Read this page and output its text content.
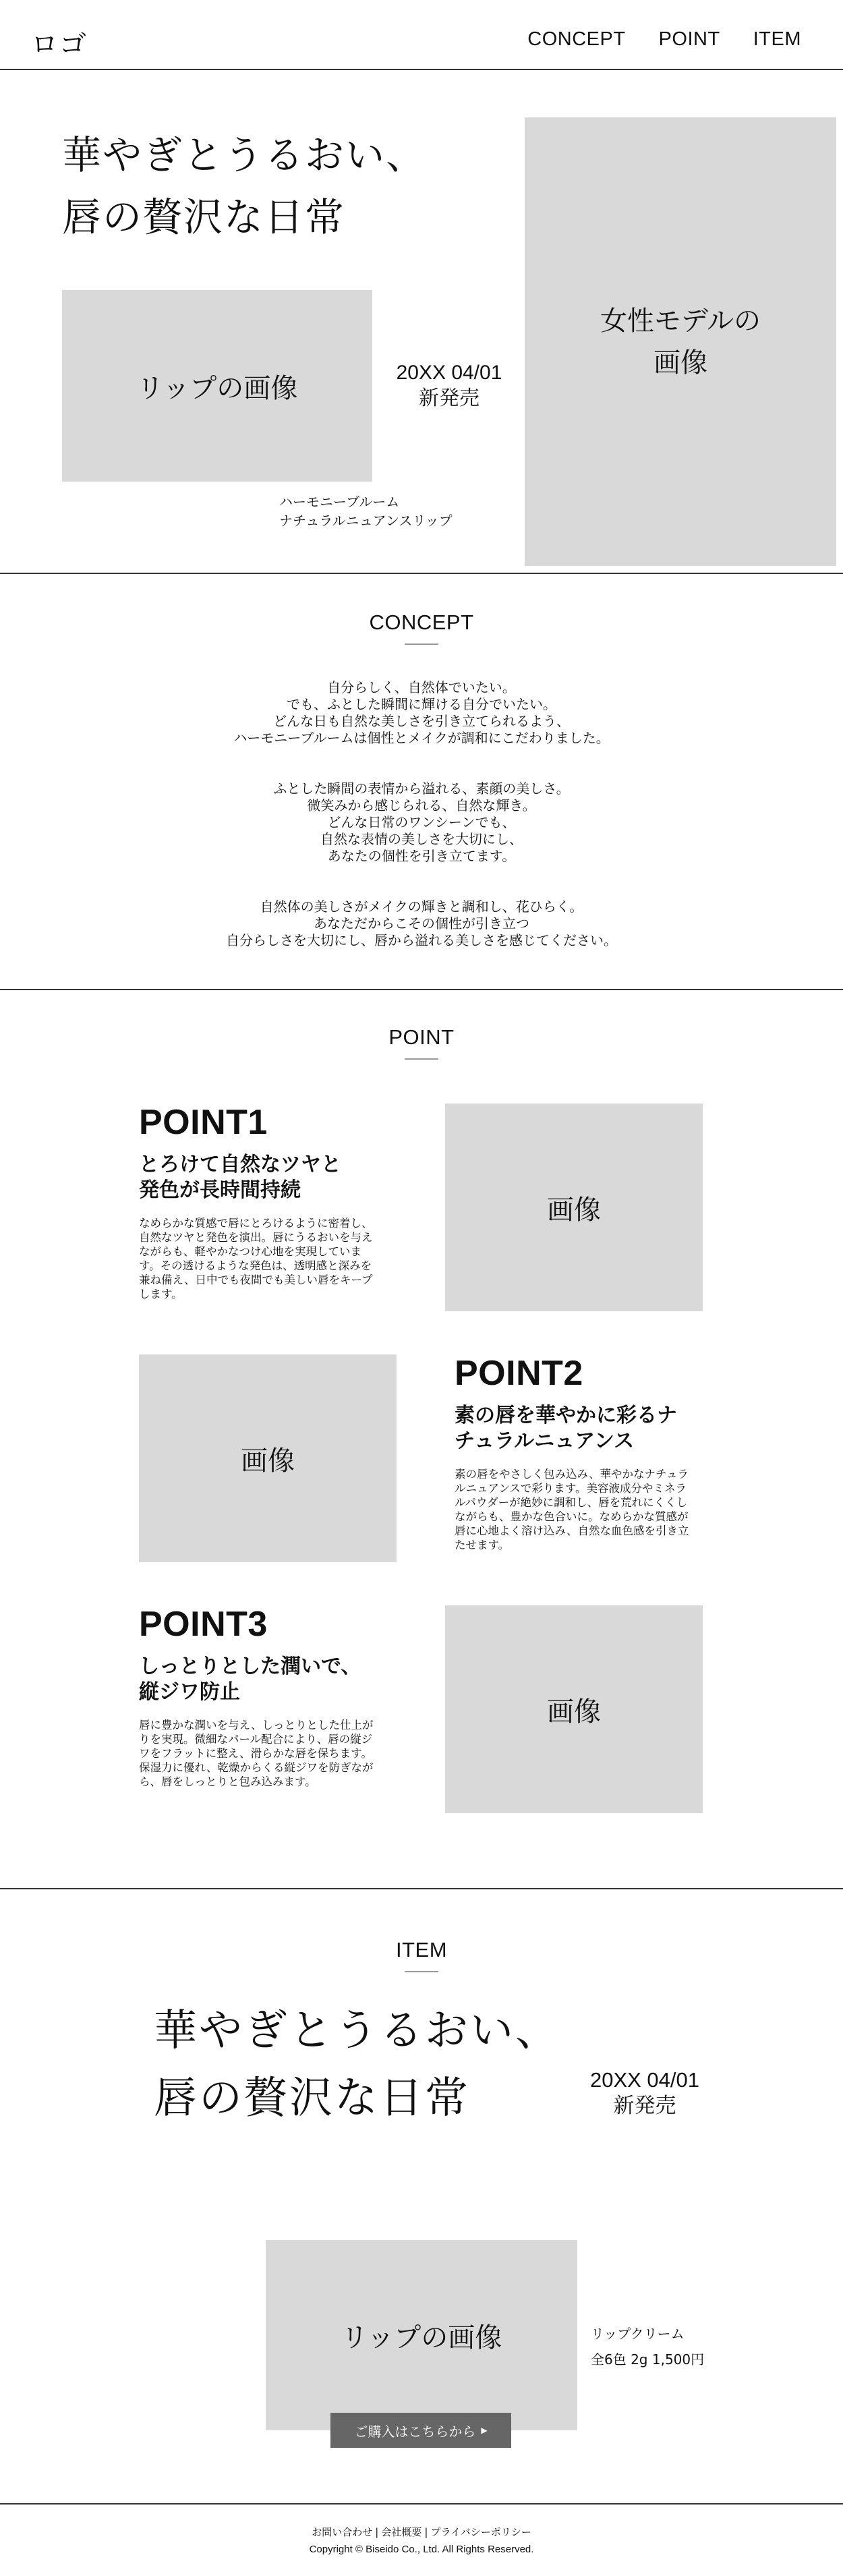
ロゴ	CONCEPT POINT ITEM
華やぎとうるおい、
唇の贅沢な日常
リップの画像	20XX 04/01
新発売
ハーモニーブルーム
ナチュラルニュアンスリップ
女性モデルの
画像
CONCEPT

自分らしく、自然体でいたい。
でも、ふとした瞬間に輝ける自分でいたい。
どんな日も自然な美しさを引き立てられるよう、
ハーモニーブルームは個性とメイクが調和にこだわりました。

ふとした瞬間の表情から溢れる、素顔の美しさ。
微笑みから感じられる、自然な輝き。
どんな日常のワンシーンでも、
自然な表情の美しさを大切にし、
あなたの個性を引き立てます。

自然体の美しさがメイクの輝きと調和し、花ひらく。
あなただからこその個性が引き立つ
自分らしさを大切にし、唇から溢れる美しさを感じてください。

POINT
POINT1
とろけて自然なツヤと
発色が長時間持続
なめらかな質感で唇にとろけるように密着し、
自然なツヤと発色を演出。唇にうるおいを与え
ながらも、軽やかなつけ心地を実現していま
す。その透けるような発色は、透明感と深みを
兼ね備え、日中でも夜間でも美しい唇をキープ
します。
画像
画像
POINT2
素の唇を華やかに彩るナ
チュラルニュアンス
素の唇をやさしく包み込み、華やかなナチュラ
ルニュアンスで彩ります。美容液成分やミネラ
ルパウダーが絶妙に調和し、唇を荒れにくくし
ながらも、豊かな色合いに。なめらかな質感が
唇に心地よく溶け込み、自然な血色感を引き立
たせます。
POINT3
しっとりとした潤いで、
縦ジワ防止
唇に豊かな潤いを与え、しっとりとした仕上が
りを実現。微細なパール配合により、唇の縦ジ
ワをフラットに整え、滑らかな唇を保ちます。
保湿力に優れ、乾燥からくる縦ジワを防ぎなが
ら、唇をしっとりと包み込みます。
画像
ITEM
華やぎとうるおい、
唇の贅沢な日常	20XX 04/01
新発売
リップの画像	リップクリーム
全6色 2g 1,500円
ご購入はこちらから ▶
お問い合わせ | 会社概要 | プライバシーポリシー
Copyright © Biseido Co., Ltd. All Rights Reserved.
